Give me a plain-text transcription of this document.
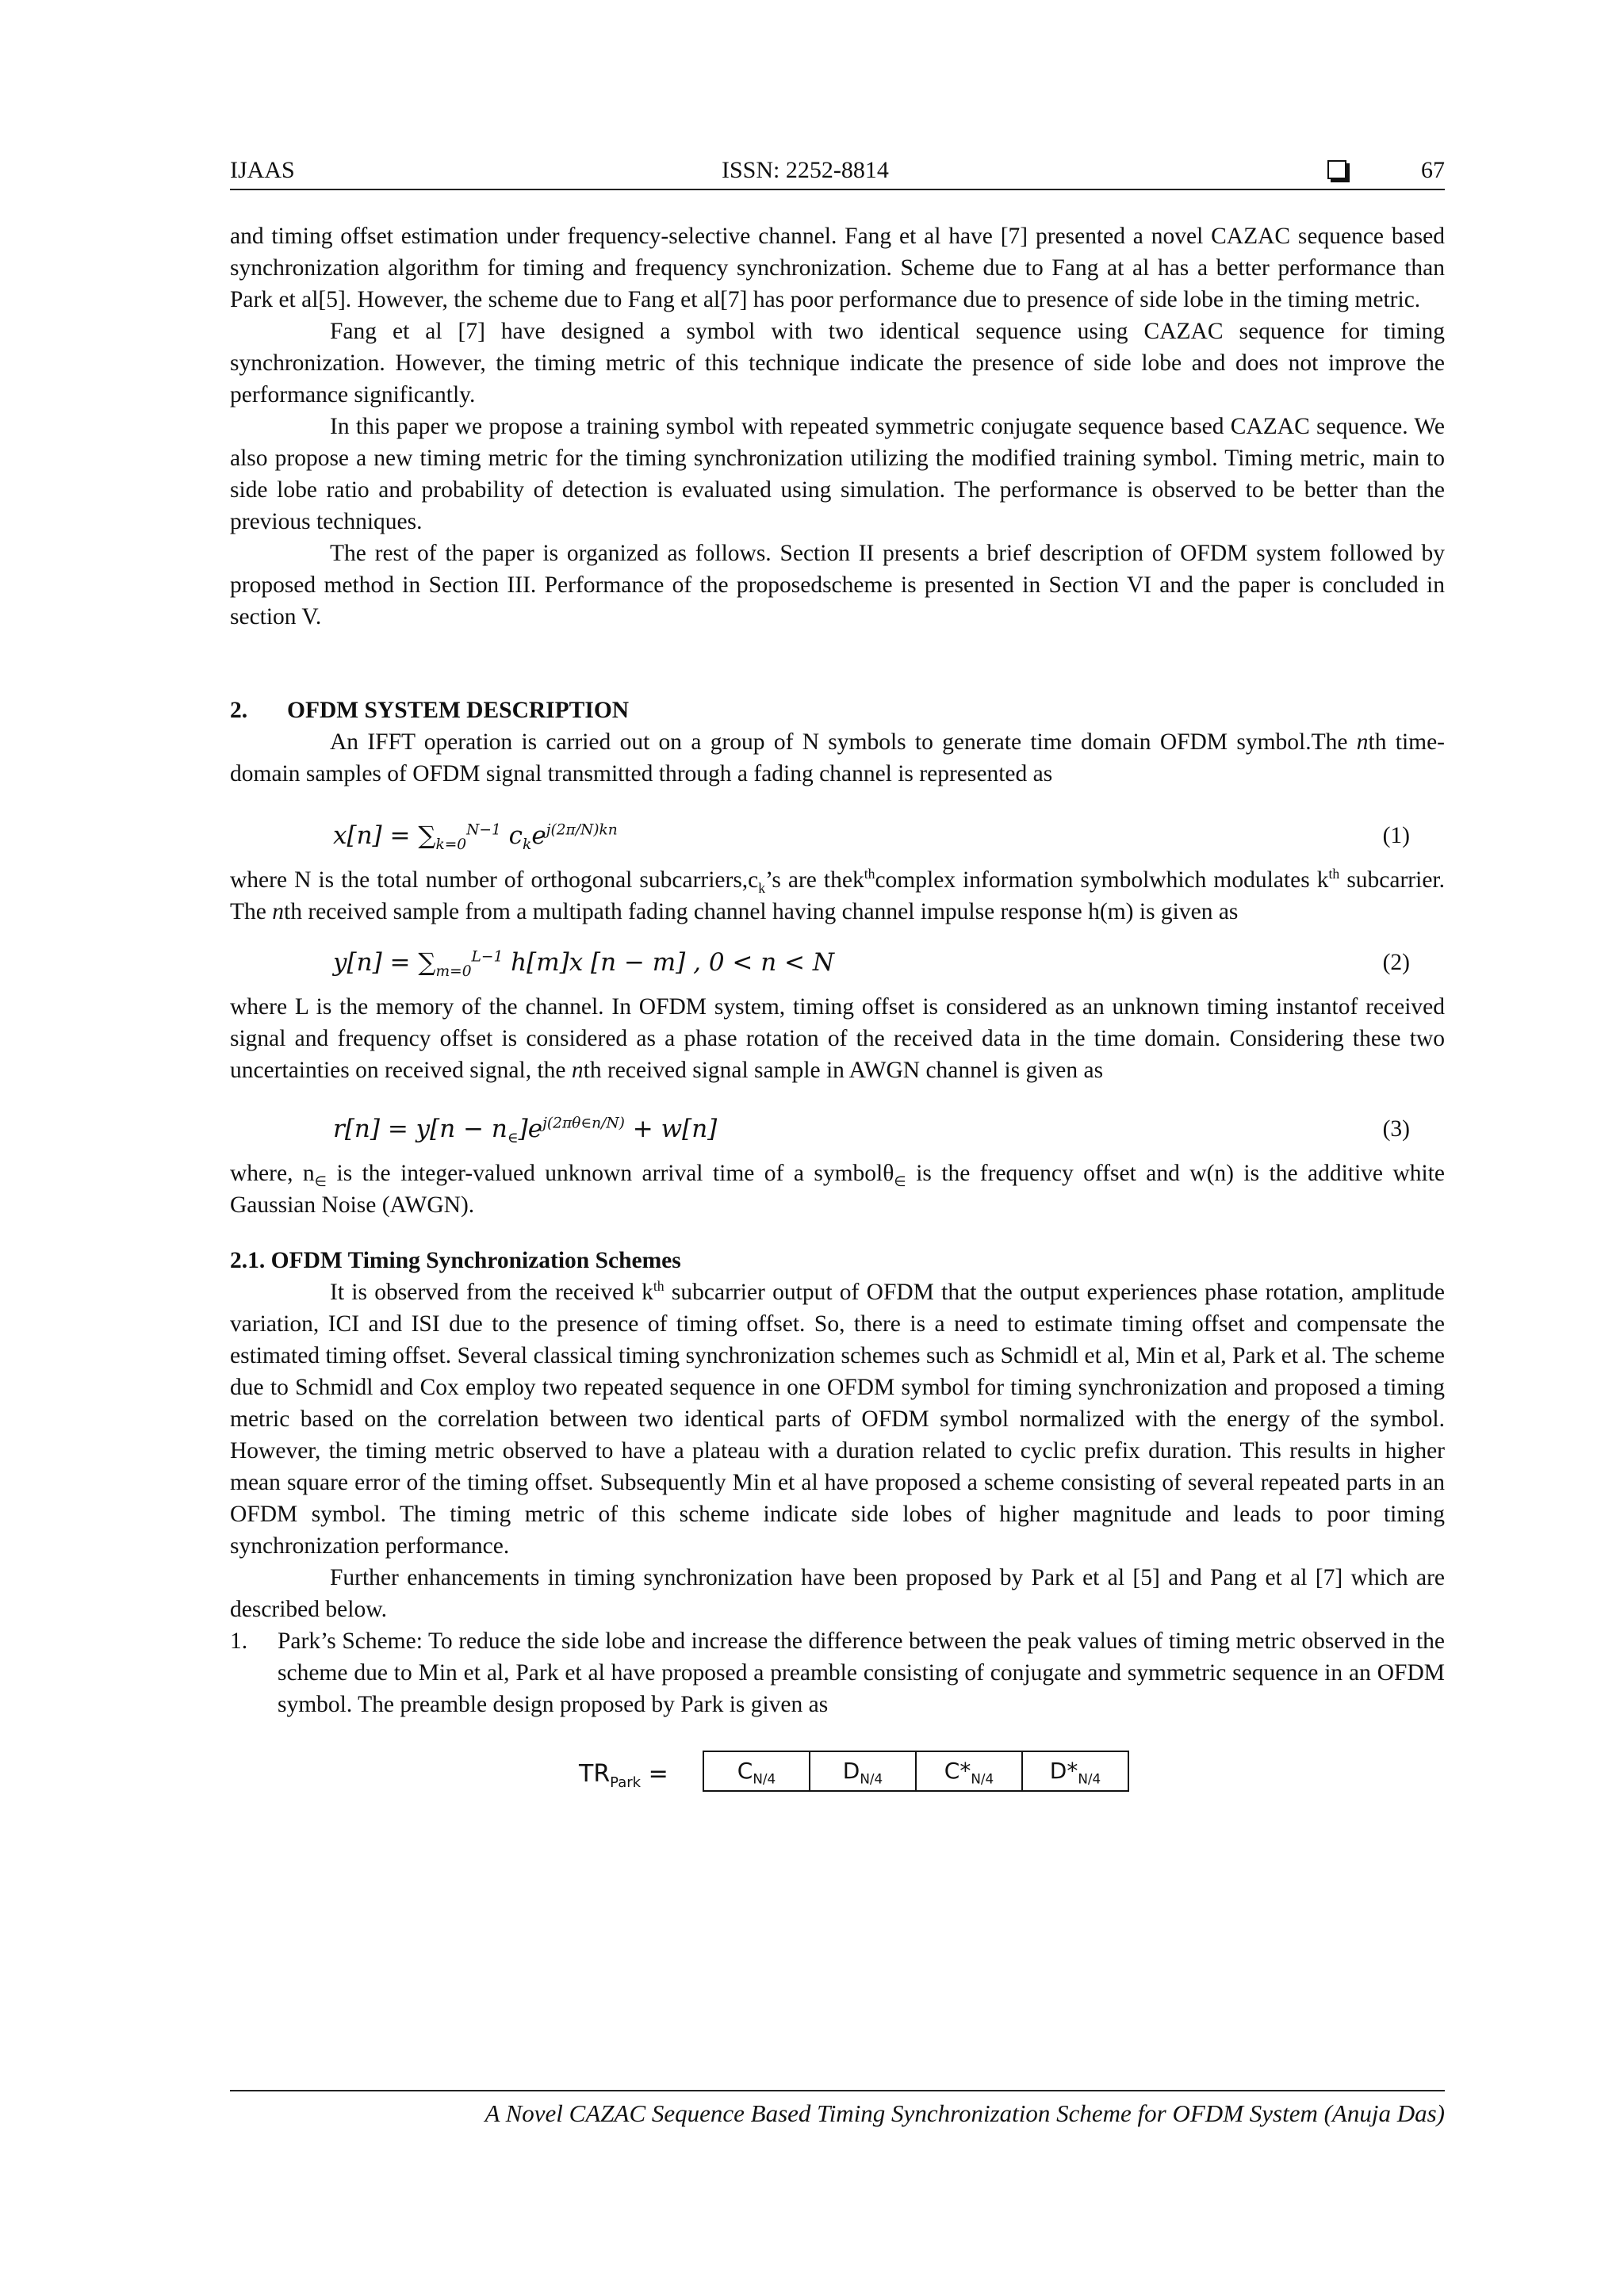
IJAAS	ISSN: 2252-8814	67

and timing offset estimation under frequency-selective channel. Fang et al have [7] presented a novel CAZAC sequence based synchronization algorithm for timing and frequency synchronization. Scheme due to Fang at al has a better performance than Park et al[5]. However, the scheme due to Fang et al[7] has poor performance due to presence of side lobe in the timing metric.

Fang et al [7] have designed a symbol with two identical sequence using CAZAC sequence for timing synchronization. However, the timing metric of this technique indicate the presence of side lobe and does not improve the performance significantly.

In this paper we propose a training symbol with repeated symmetric conjugate sequence based CAZAC sequence. We also propose a new timing metric for the timing synchronization utilizing the modified training symbol. Timing metric, main to side lobe ratio and probability of detection is evaluated using simulation. The performance is observed to be better than the previous techniques.

The rest of the paper is organized as follows. Section II presents a brief description of OFDM system followed by proposed method in Section III. Performance of the proposedscheme is presented in Section VI and the paper is concluded in section V.

2. OFDM SYSTEM DESCRIPTION

An IFFT operation is carried out on a group of N symbols to generate time domain OFDM symbol.The nth time-domain samples of OFDM signal transmitted through a fading channel is represented as

$x[n] = \sum_{k=0}^{N-1}$ $c_ke^{j(2\pi/N)kn}$	(1)

where N is the total number of orthogonal $subcarriers,c_k’s$ are thek$^{th}$complex information symbolwhich modulates $k^{th}$ subcarrier. The nth received sample from a multipath fading channel having channel impulse response h(m) is given as

$y[n] = \sum_{m=0}^{L-1}$ h[m]x [n − m] , 0 < n < N	(2)

where L is the memory of the channel. In OFDM system, timing offset is considered as an unknown timing instantof received signal and frequency offset is considered as a phase rotation of the received data in the time domain. Considering these two uncertainties on received signal, the nth received signal sample in AWGN channel is given as

$r[n] = y[n - n_\in]e^{j(2\pi\theta\in n/N)} + w[n]$	(3)

where, $n_\in$ is the integer-valued unknown arrival time of a symbolθ$_\in$ is the frequency offset and w(n) is the additive white Gaussian Noise (AWGN).

2.1. OFDM Timing Synchronization Schemes

It is observed from the received $k^{th}$ subcarrier output of OFDM that the output experiences phase rotation, amplitude variation, ICI and ISI due to the presence of timing offset. So, there is a need to estimate timing offset and compensate the estimated timing offset. Several classical timing synchronization schemes such as Schmidl et al, Min et al, Park et al. The scheme due to Schmidl and Cox employ two repeated sequence in one OFDM symbol for timing synchronization and proposed a timing metric based on the correlation between two identical parts of OFDM symbol normalized with the energy of the symbol. However, the timing metric observed to have a plateau with a duration related to cyclic prefix duration. This results in higher mean square error of the timing offset. Subsequently Min et al have proposed a scheme consisting of several repeated parts in an OFDM symbol. The timing metric of this scheme indicate side lobes of higher magnitude and leads to poor timing synchronization performance.

Further enhancements in timing synchronization have been proposed by Park et al [5] and Pang et al [7] which are described below.

1.	Park’s Scheme: To reduce the side lobe and increase the difference between the peak values of timing metric observed in the scheme due to Min et al, Park et al have proposed a preamble consisting of conjugate and symmetric sequence in an OFDM symbol. The preamble design proposed by Park is given as
$TR_{Park}$ =	$C_{N/4}$	$D_{N/4}$	$C*_{N/4}$	$D*_{N/4}$
A Novel CAZAC Sequence Based Timing Synchronization Scheme for OFDM System (Anuja Das)
